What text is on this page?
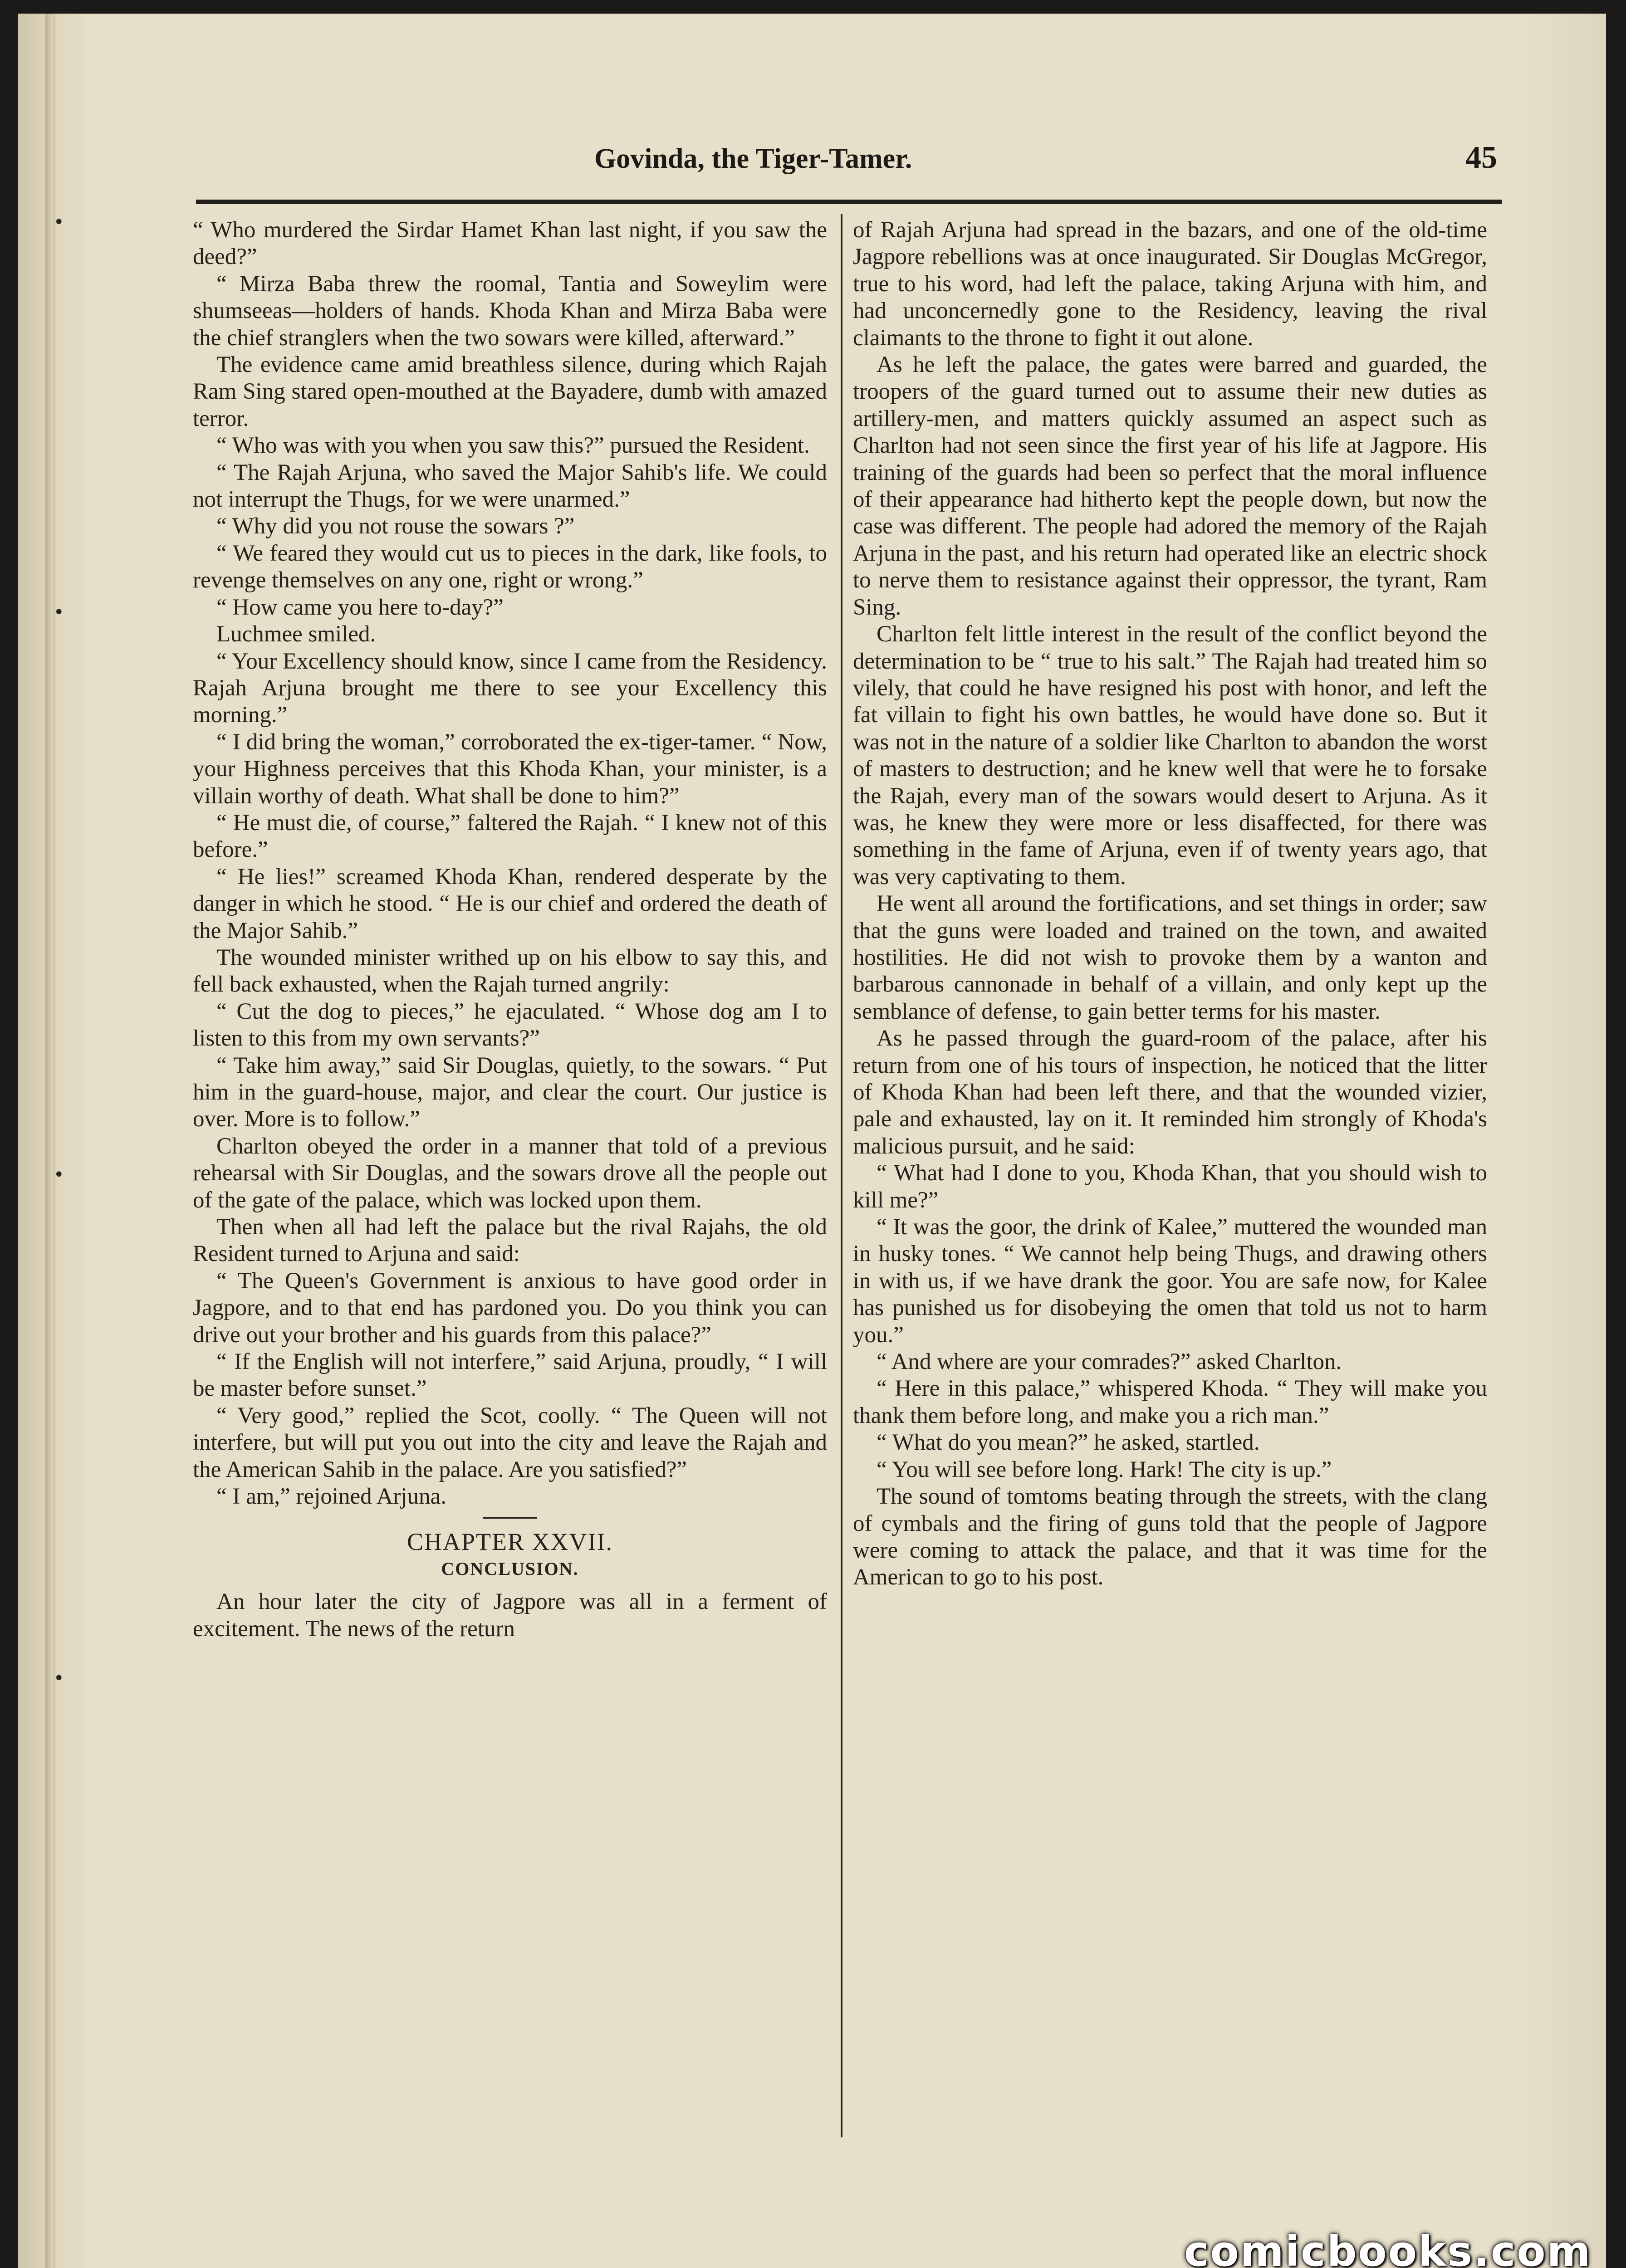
•
•
•
•
Govinda, the Tiger-Tamer.	45

“ Who murdered the Sirdar Hamet Khan last night, if you saw the deed?”

“ Mirza Baba threw the roomal, Tantia and Soweylim were shumseeas—holders of hands. Khoda Khan and Mirza Baba were the chief stranglers when the two sowars were killed, afterward.”

The evidence came amid breathless silence, during which Rajah Ram Sing stared open-mouthed at the Bayadere, dumb with amazed terror.

“ Who was with you when you saw this?” pursued the Resident.

“ The Rajah Arjuna, who saved the Major Sahib's life. We could not interrupt the Thugs, for we were unarmed.”

“ Why did you not rouse the sowars ?”

“ We feared they would cut us to pieces in the dark, like fools, to revenge themselves on any one, right or wrong.”

“ How came you here to-day?”

Luchmee smiled.

“ Your Excellency should know, since I came from the Residency. Rajah Arjuna brought me there to see your Excellency this morning.”

“ I did bring the woman,” corroborated the ex-tiger-tamer. “ Now, your Highness perceives that this Khoda Khan, your minister, is a villain worthy of death. What shall be done to him?”

“ He must die, of course,” faltered the Rajah. “ I knew not of this before.”

“ He lies!” screamed Khoda Khan, rendered desperate by the danger in which he stood. “ He is our chief and ordered the death of the Major Sahib.”

The wounded minister writhed up on his elbow to say this, and fell back exhausted, when the Rajah turned angrily:

“ Cut the dog to pieces,” he ejaculated. “ Whose dog am I to listen to this from my own servants?”

“ Take him away,” said Sir Douglas, quietly, to the sowars. “ Put him in the guard-house, major, and clear the court. Our justice is over. More is to follow.”

Charlton obeyed the order in a manner that told of a previous rehearsal with Sir Douglas, and the sowars drove all the people out of the gate of the palace, which was locked upon them.

Then when all had left the palace but the rival Rajahs, the old Resident turned to Arjuna and said:

“ The Queen's Government is anxious to have good order in Jagpore, and to that end has pardoned you. Do you think you can drive out your brother and his guards from this palace?”

“ If the English will not interfere,” said Arjuna, proudly, “ I will be master before sunset.”

“ Very good,” replied the Scot, coolly. “ The Queen will not interfere, but will put you out into the city and leave the Rajah and the American Sahib in the palace. Are you satisfied?”

“ I am,” rejoined Arjuna.

CHAPTER XXVII.

CONCLUSION.

An hour later the city of Jagpore was all in a ferment of excitement. The news of the return

of Rajah Arjuna had spread in the bazars, and one of the old-time Jagpore rebellions was at once inaugurated. Sir Douglas McGregor, true to his word, had left the palace, taking Arjuna with him, and had unconcernedly gone to the Residency, leaving the rival claimants to the throne to fight it out alone.

As he left the palace, the gates were barred and guarded, the troopers of the guard turned out to assume their new duties as artillery-men, and matters quickly assumed an aspect such as Charlton had not seen since the first year of his life at Jagpore. His training of the guards had been so perfect that the moral influence of their appearance had hitherto kept the people down, but now the case was different. The people had adored the memory of the Rajah Arjuna in the past, and his return had operated like an electric shock to nerve them to resistance against their oppressor, the tyrant, Ram Sing.

Charlton felt little interest in the result of the conflict beyond the determination to be “ true to his salt.” The Rajah had treated him so vilely, that could he have resigned his post with honor, and left the fat villain to fight his own battles, he would have done so. But it was not in the nature of a soldier like Charlton to abandon the worst of masters to destruction; and he knew well that were he to forsake the Rajah, every man of the sowars would desert to Arjuna. As it was, he knew they were more or less disaffected, for there was something in the fame of Arjuna, even if of twenty years ago, that was very captivating to them.

He went all around the fortifications, and set things in order; saw that the guns were loaded and trained on the town, and awaited hostilities. He did not wish to provoke them by a wanton and barbarous cannonade in behalf of a villain, and only kept up the semblance of defense, to gain better terms for his master.

As he passed through the guard-room of the palace, after his return from one of his tours of inspection, he noticed that the litter of Khoda Khan had been left there, and that the wounded vizier, pale and exhausted, lay on it. It reminded him strongly of Khoda's malicious pursuit, and he said:

“ What had I done to you, Khoda Khan, that you should wish to kill me?”

“ It was the goor, the drink of Kalee,” muttered the wounded man in husky tones. “ We cannot help being Thugs, and drawing others in with us, if we have drank the goor. You are safe now, for Kalee has punished us for disobeying the omen that told us not to harm you.”

“ And where are your comrades?” asked Charlton.

“ Here in this palace,” whispered Khoda. “ They will make you thank them before long, and make you a rich man.”

“ What do you mean?” he asked, startled.

“ You will see before long. Hark! The city is up.”

The sound of tomtoms beating through the streets, with the clang of cymbals and the firing of guns told that the people of Jagpore were coming to attack the palace, and that it was time for the American to go to his post.

comicbooks.com
